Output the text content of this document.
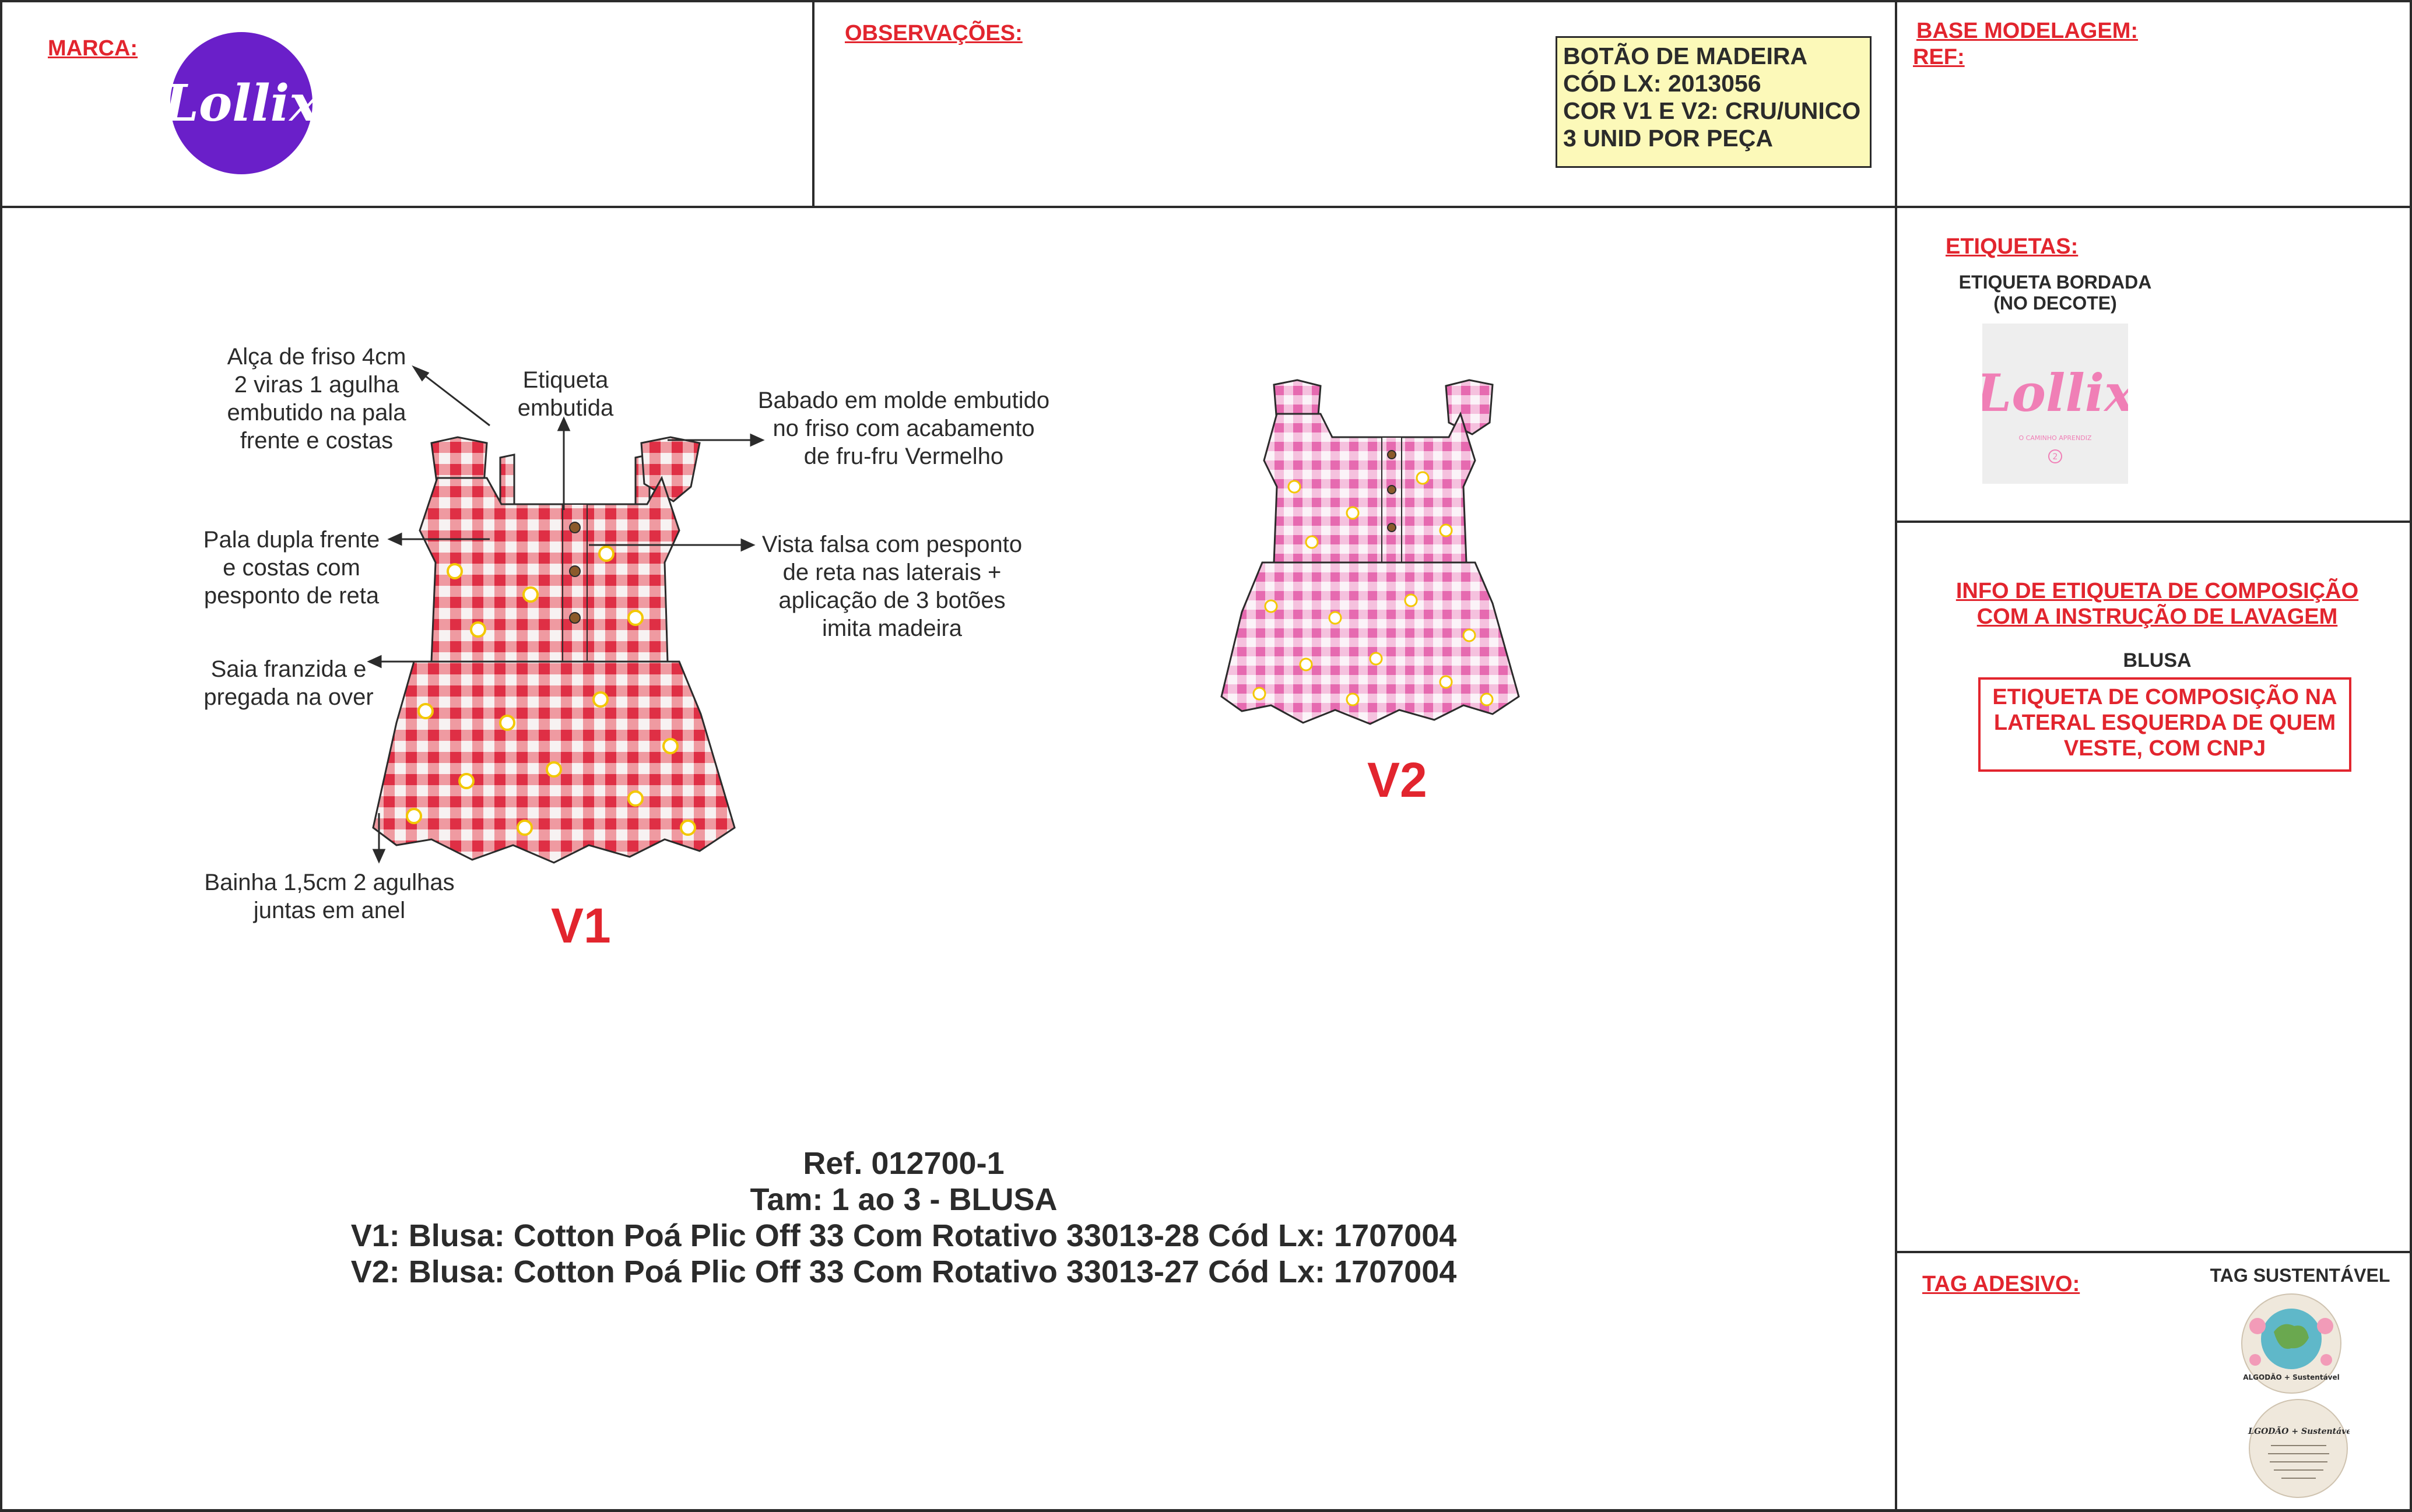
MARCA:
Lollix
OBSERVAÇÕES:
BOTÃO DE MADEIRA
CÓD LX: 2013056
COR V1 E V2: CRU/UNICO
3 UNID POR PEÇA
BASE MODELAGEM:
REF:
Alça de friso 4cm
2 viras 1 agulha
embutido na pala
frente e costas
Etiqueta
embutida	Babado em molde embutido
no friso com acabamento
de fru-fru Vermelho
Pala dupla frente
e costas com
pesponto de reta
Vista falsa com pesponto
de reta nas laterais +
aplicação de 3 botões
imita madeira
Saia franzida e
pregada na over
Bainha 1,5cm 2 agulhas
juntas em anel	V1
V2
Ref. 012700-1
Tam: 1 ao 3 - BLUSA
V1: Blusa: Cotton Poá Plic Off 33 Com Rotativo 33013-28 Cód Lx: 1707004
V2: Blusa: Cotton Poá Plic Off 33 Com Rotativo 33013-27 Cód Lx: 1707004
ETIQUETAS:
ETIQUETA BORDADA
(NO DECOTE)
Lollix
O CAMINHO APRENDIZ
2
INFO DE ETIQUETA DE COMPOSIÇÃO
COM A INSTRUÇÃO DE LAVAGEM
BLUSA
ETIQUETA DE COMPOSIÇÃO NA
LATERAL ESQUERDA DE QUEM
VESTE, COM CNPJ
TAG ADESIVO:	TAG SUSTENTÁVEL
ALGODÃO + Sustentável
ALGODÃO + Sustentável
